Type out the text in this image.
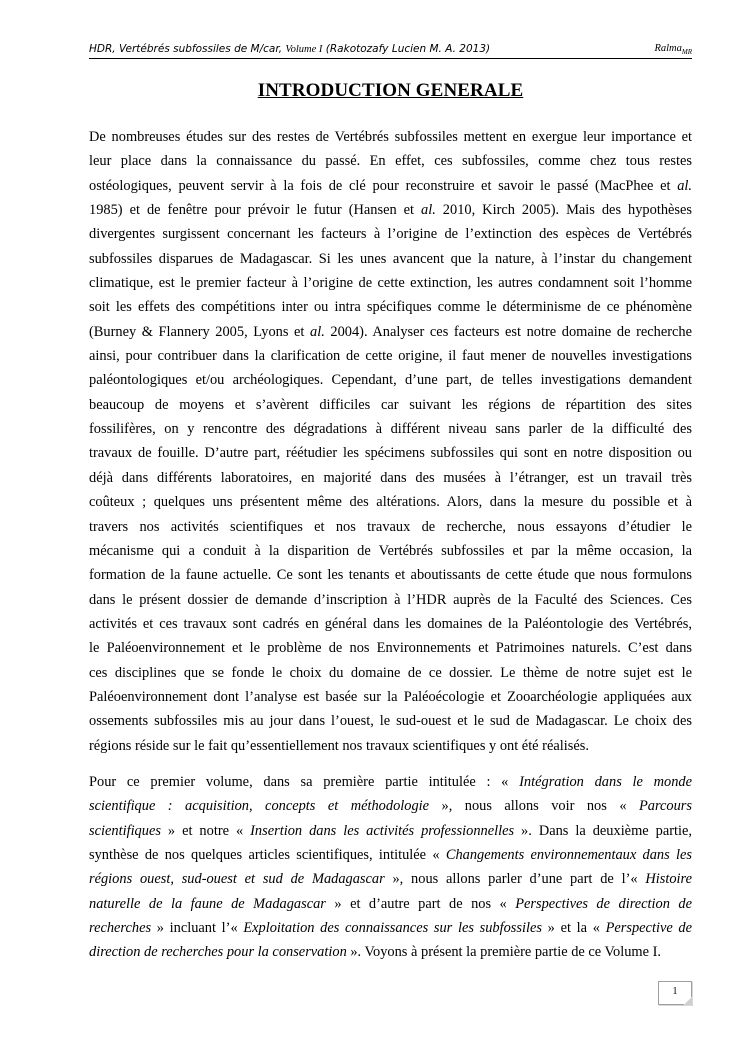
HDR, Vertébrés subfossiles de M/car, Volume I (Rakotozafy Lucien M. A. 2013)	Ralma$_{MR}$
INTRODUCTION GENERALE
De nombreuses études sur des restes de Vertébrés subfossiles mettent en exergue leur importance et
leur place dans la connaissance du passé. En effet, ces subfossiles, comme chez tous restes
ostéologiques, peuvent servir à la fois de clé pour reconstruire et savoir le passé (MacPhee et al.
1985) et de fenêtre pour prévoir le futur (Hansen et al. 2010, Kirch 2005). Mais des hypothèses
divergentes surgissent concernant les facteurs à l’origine de l’extinction des espèces de Vertébrés
subfossiles disparues de Madagascar. Si les unes avancent que la nature, à l’instar du changement
climatique, est le premier facteur à l’origine de cette extinction, les autres condamnent soit l’homme
soit les effets des compétitions inter ou intra spécifiques comme le déterminisme de ce phénomène
(Burney & Flannery 2005, Lyons et al. 2004). Analyser ces facteurs est notre domaine de recherche
ainsi, pour contribuer dans la clarification de cette origine, il faut mener de nouvelles investigations
paléontologiques et/ou archéologiques. Cependant, d’une part, de telles investigations demandent
beaucoup de moyens et s’avèrent difficiles car suivant les régions de répartition des sites
fossilifères, on y rencontre des dégradations à différent niveau sans parler de la difficulté des
travaux de fouille. D’autre part, réétudier les spécimens subfossiles qui sont en notre disposition ou
déjà dans différents laboratoires, en majorité dans des musées à l’étranger, est un travail très
coûteux ; quelques uns présentent même des altérations. Alors, dans la mesure du possible et à
travers nos activités scientifiques et nos travaux de recherche, nous essayons d’étudier le
mécanisme qui a conduit à la disparition de Vertébrés subfossiles et par la même occasion, la
formation de la faune actuelle. Ce sont les tenants et aboutissants de cette étude que nous formulons
dans le présent dossier de demande d’inscription à l’HDR auprès de la Faculté des Sciences. Ces
activités et ces travaux sont cadrés en général dans les domaines de la Paléontologie des Vertébrés,
le Paléoenvironnement et le problème de nos Environnements et Patrimoines naturels. C’est dans
ces disciplines que se fonde le choix du domaine de ce dossier. Le thème de notre sujet est le
Paléoenvironnement dont l’analyse est basée sur la Paléoécologie et Zooarchéologie appliquées aux
ossements subfossiles mis au jour dans l’ouest, le sud-ouest et le sud de Madagascar. Le choix des
régions réside sur le fait qu’essentiellement nos travaux scientifiques y ont été réalisés.
Pour ce premier volume, dans sa première partie intitulée : « Intégration dans le monde
scientifique : acquisition, concepts et méthodologie », nous allons voir nos « Parcours
scientifiques » et notre « Insertion dans les activités professionnelles ». Dans la deuxième partie,
synthèse de nos quelques articles scientifiques, intitulée « Changements environnementaux dans les
régions ouest, sud-ouest et sud de Madagascar », nous allons parler d’une part de l’« Histoire
naturelle de la faune de Madagascar » et d’autre part de nos « Perspectives de direction de
recherches » incluant l’« Exploitation des connaissances sur les subfossiles » et la « Perspective de
direction de recherches pour la conservation ». Voyons à présent la première partie de ce Volume I.
1
